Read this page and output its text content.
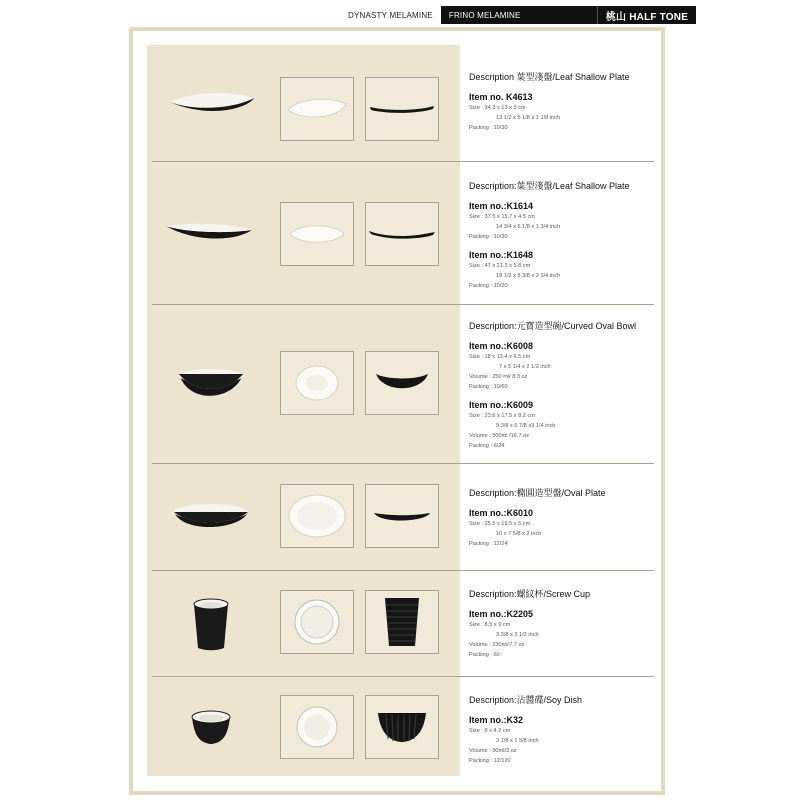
DYNASTY MELAMINE	FRINO MELAMINE	桃山 HALF TONE
Description 葉型淺盤/Leaf Shallow Plate
Item no. K4613
Size : 34.3 x 13 x 3 cm
13 1/2 x 5 1/8 x 1 1/8 inch
Packing : 10/30
Description:葉型淺盤/Leaf Shallow Plate
Item no.:K1614
Size : 37.5 x 15.7 x 4.5 cm
14 3/4 x 6 1/8 x 1 3/4 inch
Packing : 10/30
Item no.:K1648
Size : 47 x 21.3 x 5.8 cm
18 1/2 x 8 3/8 x 2 1/4 inch
Packing : 10/20
Description:元寶造型碗/Curved Oval Bowl
Item no.:K6008
Size : 18 x 13.4 x 6.5 cm
7 x 5 1/4 x 2 1/2 inch
Volume : 250 ml/ 8.3 oz
Packing : 10/60
Item no.:K6009
Size : 23.6 x 17.5 x 8.2 cm
9 3/8 x 6 7/8 x3 1/4 inch
Volume : 500ml /16.7 oz
Packing : 6/24
Description:橢圓造型盤/Oval Plate
Item no.:K6010
Size : 25.5 x 19.5 x 5 cm
10 x 7 5/8 x 2 inch
Packing : 12/24
Description:螺紋杯/Screw Cup
Item no.:K2205
Size : 8.5 x 9 cm
3 3/8 x 3 1/2 inch
Volume : 230ml/7.7 oz
Packing : 60
Description:沾醬碟/Soy Dish
Item no.:K32
Size : 8 x 4.2 cm
3 1/8 x 1 5/8 inch
Volume : 90ml/3 oz
Packing : 12/120
